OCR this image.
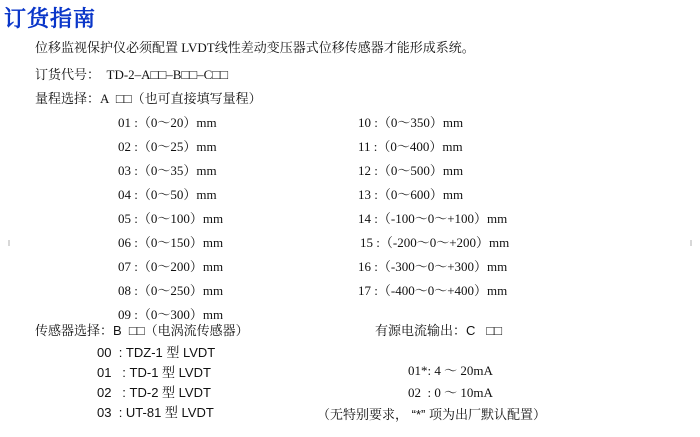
订货指南
位移监视保护仪必须配置 LVDT线性差动变压器式位移传感器才能形成系统。
订货代号： TD-2–A□□–B□□–C□□
量程选择：A □□（也可直接填写量程）
01 :（0～20）mm
02 :（0～25）mm
03 :（0～35）mm
04 :（0～50）mm
05 :（0～100）mm
06 :（0～150）mm
07 :（0～200）mm
08 :（0～250）mm
09 :（0～300）mm
10 :（0～350）mm
11 :（0～400）mm
12 :（0～500）mm
13 :（0～600）mm
14 :（-100～0～+100）mm
15 :（-200～0～+200）mm
16 :（-300～0～+300）mm
17 :（-400～0～+400）mm
传感器选择：B □□（电涡流传感器）
00  : TDZ-1 型 LVDT
01   : TD-1 型 LVDT
02   : TD-2 型 LVDT
03  : UT-81 型 LVDT
有源电流输出：C □□
01*: 4 ～ 20mA
02  : 0 ～ 10mA
（无特别要求， “*” 项为出厂默认配置）
